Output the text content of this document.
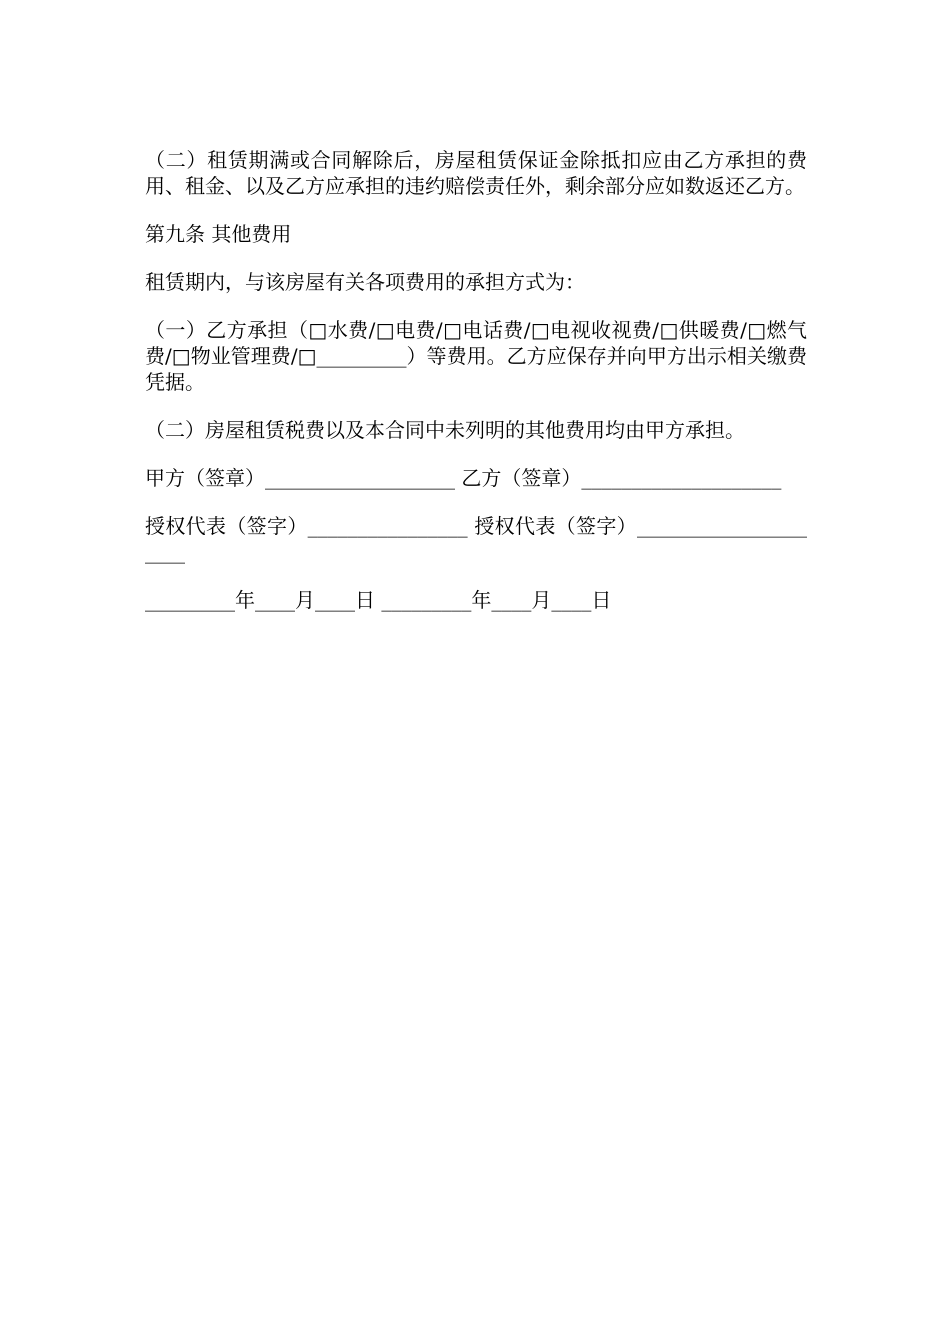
（二）租赁期满或合同解除后，房屋租赁保证金除抵扣应由乙方承担的费用、租金、以及乙方应承担的违约赔偿责任外，剩余部分应如数返还乙方。

第九条 其他费用

租赁期内，与该房屋有关各项费用的承担方式为：

（一）乙方承担（□水费/□电费/□电话费/□电视收视费/□供暖费/□燃气费/□物业管理费/□_________）等费用。乙方应保存并向甲方出示相关缴费凭据。

（二）房屋租赁税费以及本合同中未列明的其他费用均由甲方承担。

甲方（签章）___________________ 乙方（签章）____________________

授权代表（签字）________________ 授权代表（签字）_____________________

_________年____月____日 _________年____月____日
